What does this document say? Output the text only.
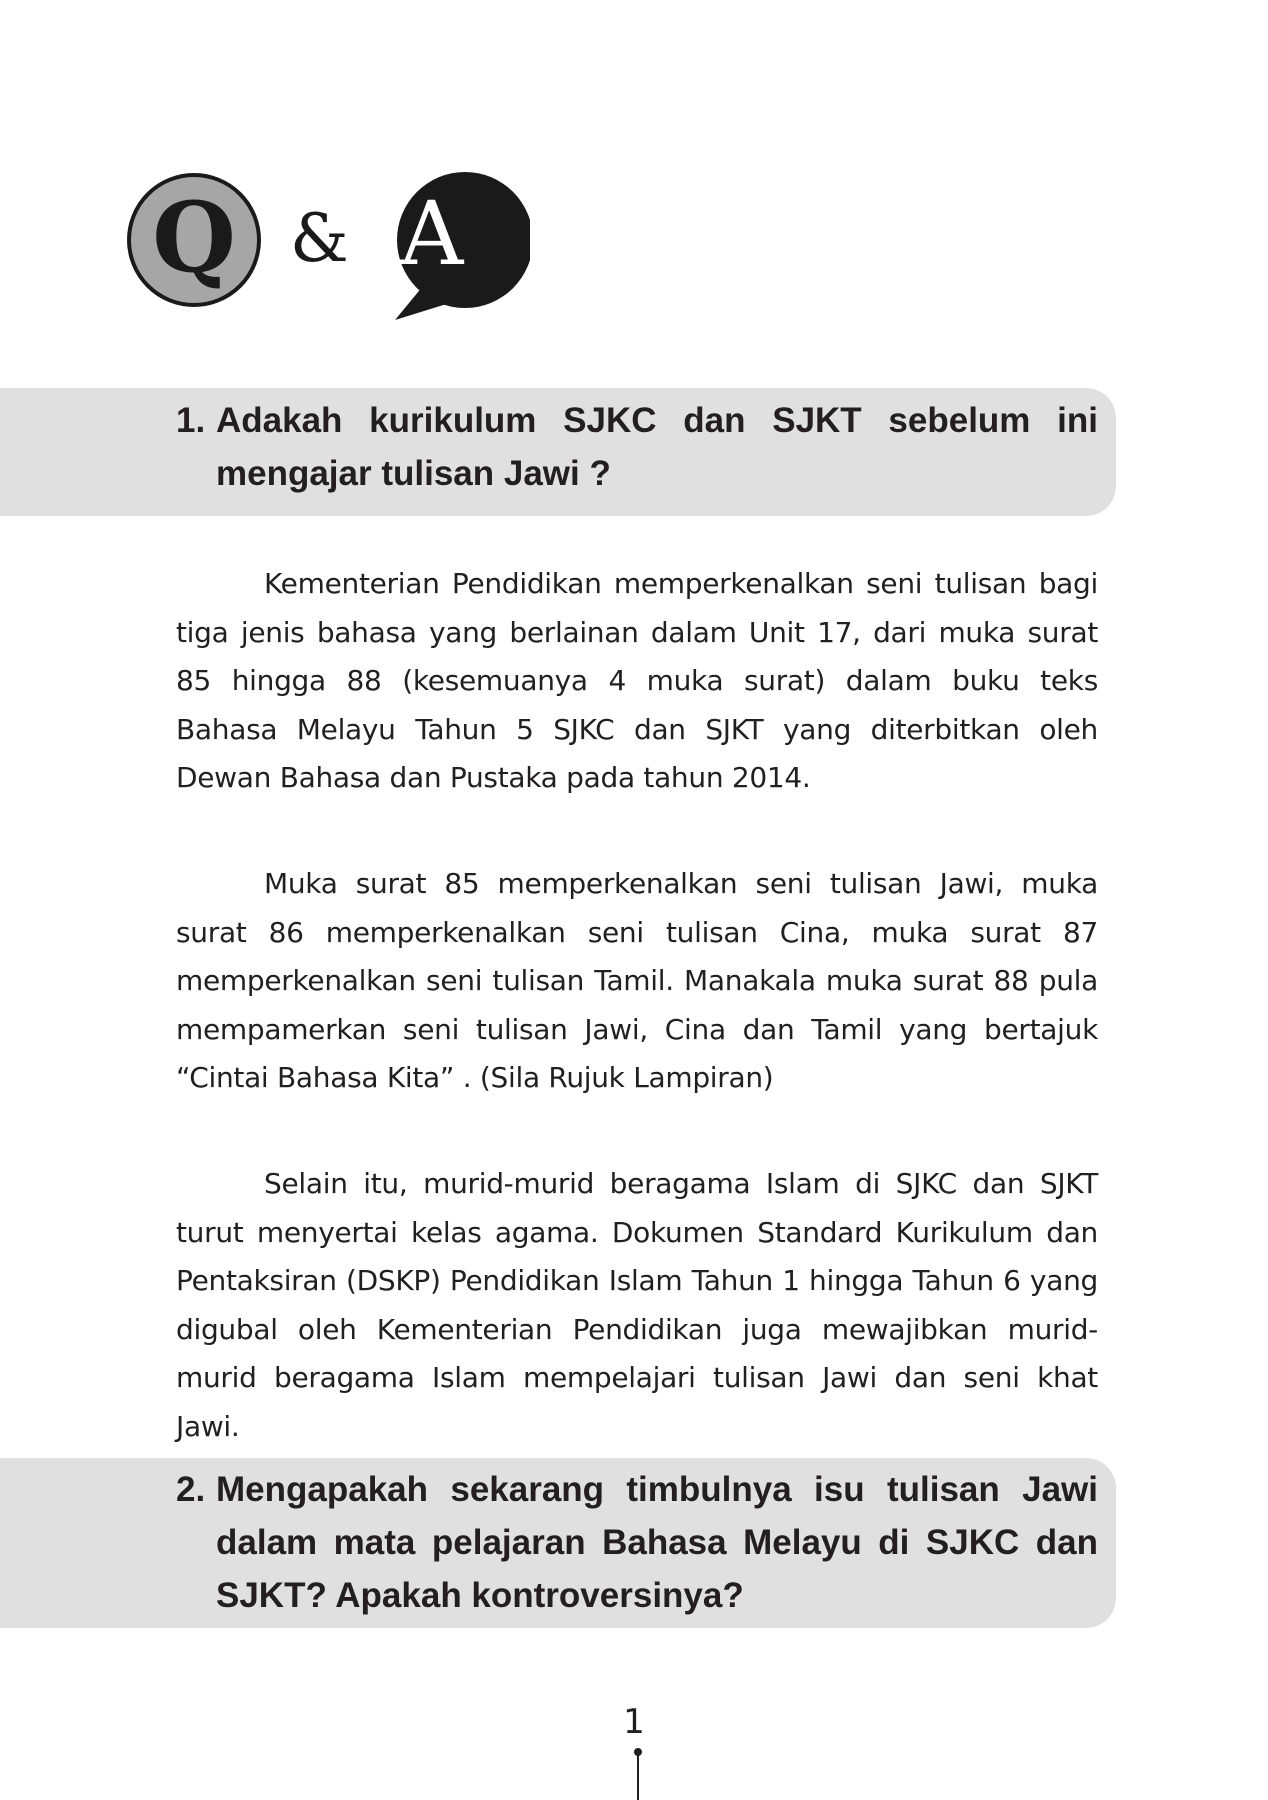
Q & A
1. Adakah kurikulum SJKC dan SJKT sebelum ini mengajar tulisan Jawi ?

Kementerian Pendidikan memperkenalkan seni tulisan bagi tiga jenis bahasa yang berlainan dalam Unit 17, dari muka surat 85 hingga 88 (kesemuanya 4 muka surat) dalam buku teks Bahasa Melayu Tahun 5 SJKC dan SJKT yang diterbitkan oleh Dewan Bahasa dan Pustaka pada tahun 2014.

Muka surat 85 memperkenalkan seni tulisan Jawi, muka surat 86 memperkenalkan seni tulisan Cina, muka surat 87 memperkenalkan seni tulisan Tamil. Manakala muka surat 88 pula mempamerkan seni tulisan Jawi, Cina dan Tamil yang bertajuk “Cintai Bahasa Kita” . (Sila Rujuk Lampiran)

Selain itu, murid-murid beragama Islam di SJKC dan SJKT turut menyertai kelas agama. Dokumen Standard Kurikulum dan Pentaksiran (DSKP) Pendidikan Islam Tahun 1 hingga Tahun 6 yang digubal oleh Kementerian Pendidikan juga mewajibkan murid-murid beragama Islam mempelajari tulisan Jawi dan seni khat Jawi.

2. Mengapakah sekarang timbulnya isu tulisan Jawi dalam mata pelajaran Bahasa Melayu di SJKC dan SJKT? Apakah kontroversinya?
1
